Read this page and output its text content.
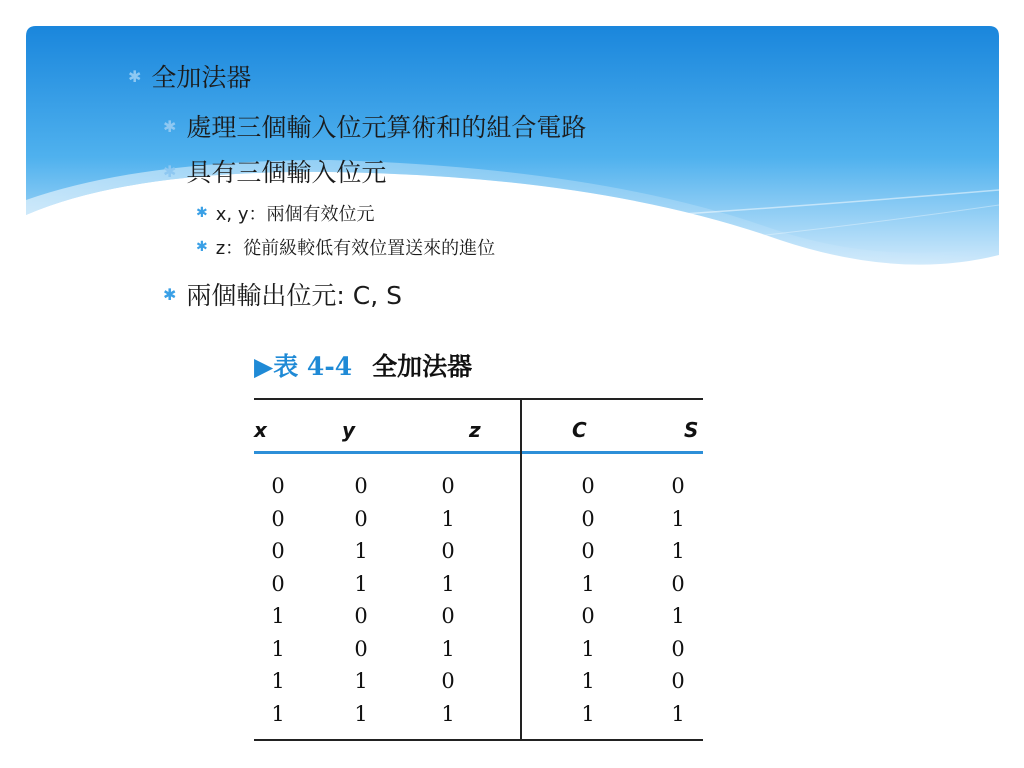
✱ 全加法器
✱ 處理三個輸入位元算術和的組合電路
✱ 具有三個輸入位元
✱ x, y：兩個有效位元
✱ z：從前級較低有效位置送來的進位
✱ 兩個輸出位元: C, S
▶表 4-4 全加法器
x	y	z	C	S
0	0	0	0	0
0	0	1	0	1
0	1	0	0	1
0	1	1	1	0
1	0	0	0	1
1	0	1	1	0
1	1	0	1	0
1	1	1	1	1
